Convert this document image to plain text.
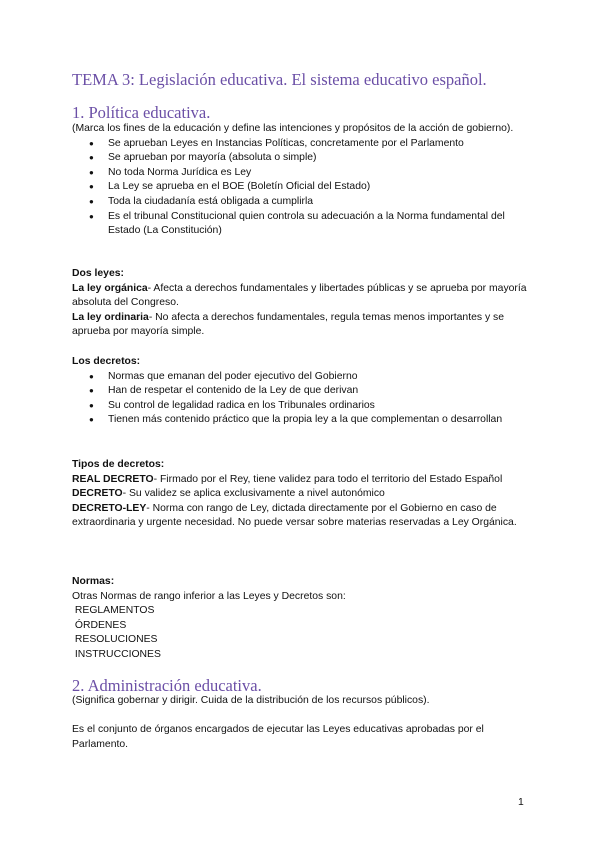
TEMA 3: Legislación educativa. El sistema educativo español.
1. Política educativa.

(Marca los fines de la educación y define las intenciones y propósitos de la acción de gobierno).

● Se aprueban Leyes en Instancias Políticas, concretamente por el Parlamento
● Se aprueban por mayoría (absoluta o simple)
● No toda Norma Jurídica es Ley
● La Ley se aprueba en el BOE (Boletín Oficial del Estado)
● Toda la ciudadanía está obligada a cumplirla
● Es el tribunal Constitucional quien controla su adecuación a la Norma fundamental del Estado (La Constitución)

Dos leyes:

La ley orgánica- Afecta a derechos fundamentales y libertades públicas y se aprueba por mayoría absoluta del Congreso.

La ley ordinaria- No afecta a derechos fundamentales, regula temas menos importantes y se aprueba por mayoría simple.

Los decretos:

● Normas que emanan del poder ejecutivo del Gobierno
● Han de respetar el contenido de la Ley de que derivan
● Su control de legalidad radica en los Tribunales ordinarios
● Tienen más contenido práctico que la propia ley a la que complementan o desarrollan

Tipos de decretos:

REAL DECRETO- Firmado por el Rey, tiene validez para todo el territorio del Estado Español

DECRETO- Su validez se aplica exclusivamente a nivel autonómico

DECRETO-LEY- Norma con rango de Ley, dictada directamente por el Gobierno en caso de extraordinaria y urgente necesidad. No puede versar sobre materias reservadas a Ley Orgánica.

Normas:

Otras Normas de rango inferior a las Leyes y Decretos son:

REGLAMENTOS

ÓRDENES

RESOLUCIONES

INSTRUCCIONES

2. Administración educativa.

(Significa gobernar y dirigir. Cuida de la distribución de los recursos públicos).

Es el conjunto de órganos encargados de ejecutar las Leyes educativas aprobadas por el Parlamento.

1
